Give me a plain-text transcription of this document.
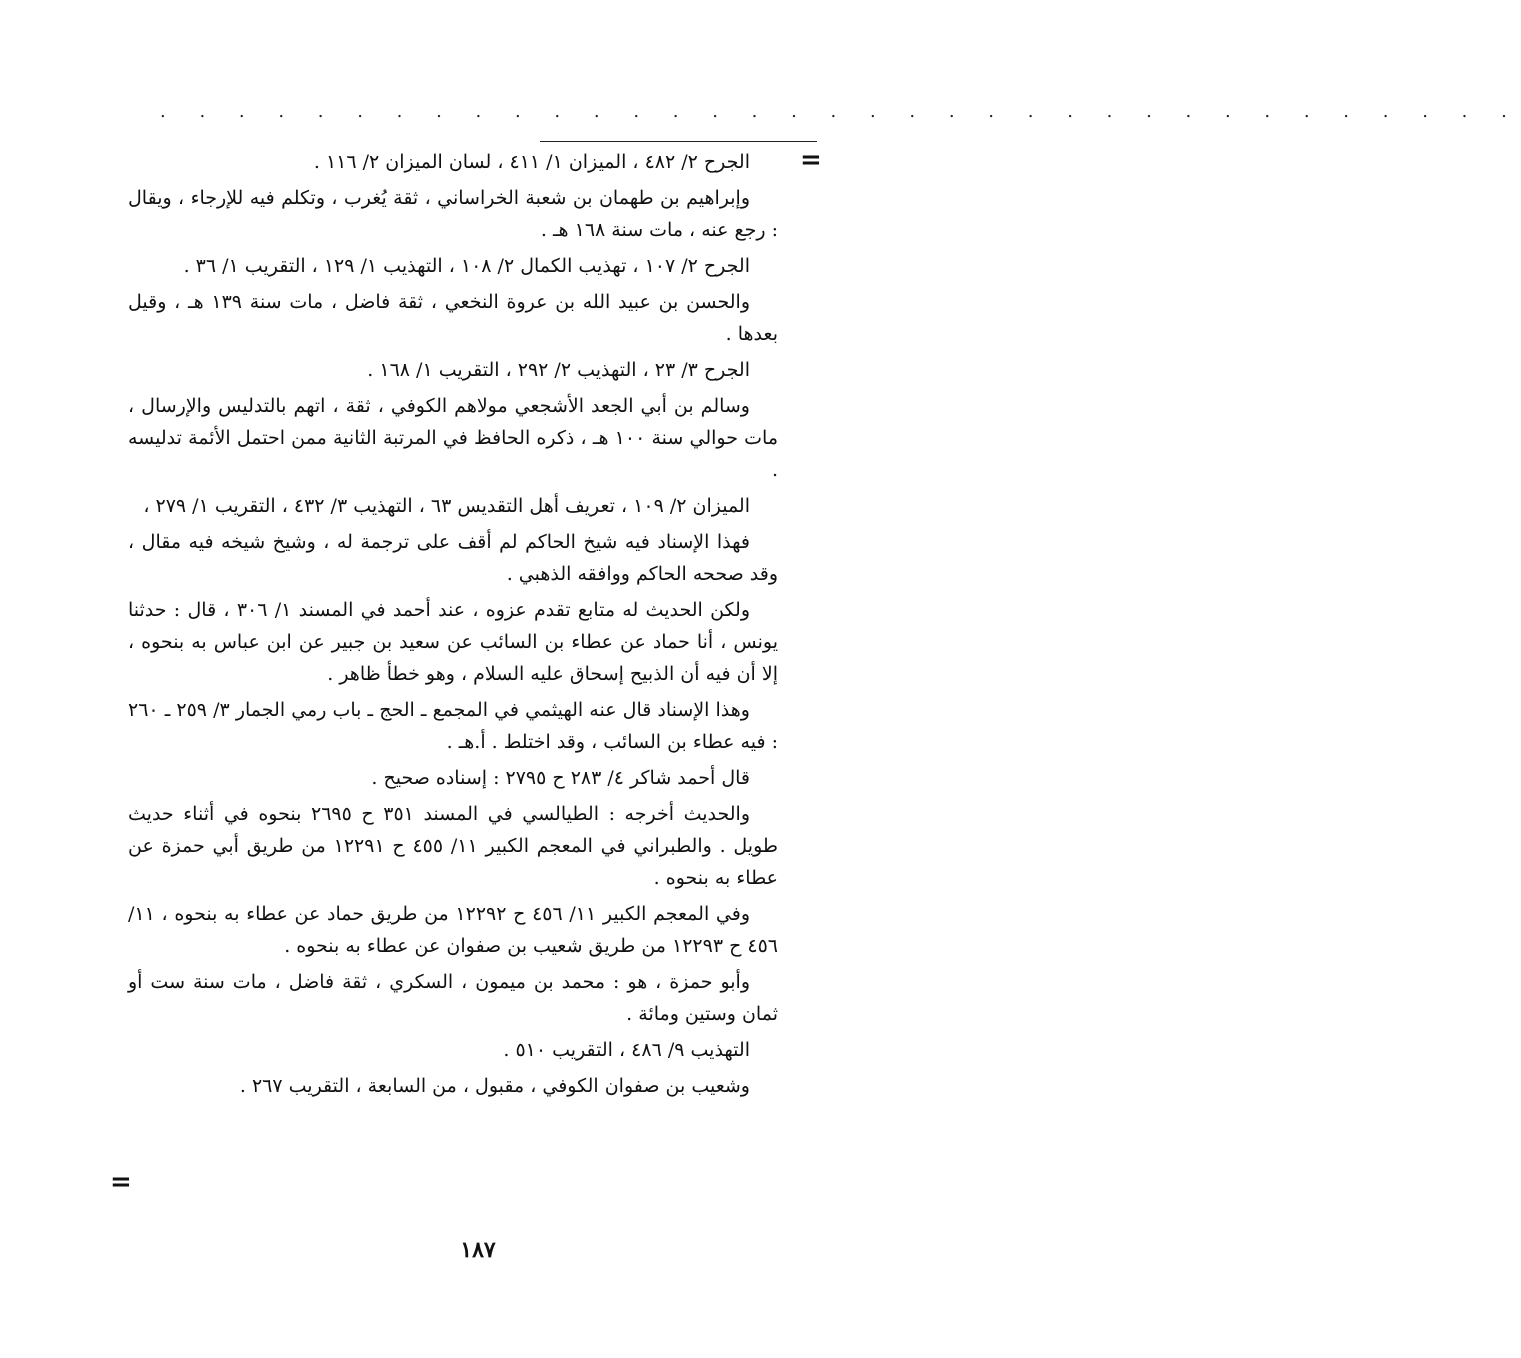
. . . . . . . . . . . . . . . . . . . . . . . . . . . . . . . . . . .
=

الجرح ٢/ ٤٨٢ ، الميزان ١/ ٤١١ ، لسان الميزان ٢/ ١١٦ .

وإبراهيم بن طهمان بن شعبة الخراساني ، ثقة يُغرب ، وتكلم فيه للإرجاء ، ويقال : رجع عنه ، مات سنة ١٦٨ هـ .

الجرح ٢/ ١٠٧ ، تهذيب الكمال ٢/ ١٠٨ ، التهذيب ١/ ١٢٩ ، التقريب ١/ ٣٦ .

والحسن بن عبيد الله بن عروة النخعي ، ثقة فاضل ، مات سنة ١٣٩ هـ ، وقيل بعدها .

الجرح ٣/ ٢٣ ، التهذيب ٢/ ٢٩٢ ، التقريب ١/ ١٦٨ .

وسالم بن أبي الجعد الأشجعي مولاهم الكوفي ، ثقة ، اتهم بالتدليس والإرسال ، مات حوالي سنة ١٠٠ هـ ، ذكره الحافظ في المرتبة الثانية ممن احتمل الأئمة تدليسه .

الميزان ٢/ ١٠٩ ، تعريف أهل التقديس ٦٣ ، التهذيب ٣/ ٤٣٢ ، التقريب ١/ ٢٧٩ ،

فهذا الإسناد فيه شيخ الحاكم لم أقف على ترجمة له ، وشيخ شيخه فيه مقال ، وقد صححه الحاكم ووافقه الذهبي .

ولكن الحديث له متابع تقدم عزوه ، عند أحمد في المسند ١/ ٣٠٦ ، قال : حدثنا يونس ، أنا حماد عن عطاء بن السائب عن سعيد بن جبير عن ابن عباس به بنحوه ، إلا أن فيه أن الذبيح إسحاق عليه السلام ، وهو خطأ ظاهر .

وهذا الإسناد قال عنه الهيثمي في المجمع ـ الحج ـ باب رمي الجمار ٣/ ٢٥٩ ـ ٢٦٠ : فيه عطاء بن السائب ، وقد اختلط . أ.هـ .

قال أحمد شاكر ٤/ ٢٨٣ ح ٢٧٩٥ : إسناده صحيح .

والحديث أخرجه : الطيالسي في المسند ٣٥١ ح ٢٦٩٥ بنحوه في أثناء حديث طويل . والطبراني في المعجم الكبير ١١/ ٤٥٥ ح ١٢٢٩١ من طريق أبي حمزة عن عطاء به بنحوه .

وفي المعجم الكبير ١١/ ٤٥٦ ح ١٢٢٩٢ من طريق حماد عن عطاء به بنحوه ، ١١/ ٤٥٦ ح ١٢٢٩٣ من طريق شعيب بن صفوان عن عطاء به بنحوه .

وأبو حمزة ، هو : محمد بن ميمون ، السكري ، ثقة فاضل ، مات سنة ست أو ثمان وستين ومائة .

التهذيب ٩/ ٤٨٦ ، التقريب ٥١٠ .

وشعيب بن صفوان الكوفي ، مقبول ، من السابعة ، التقريب ٢٦٧ .

=
١٨٧
